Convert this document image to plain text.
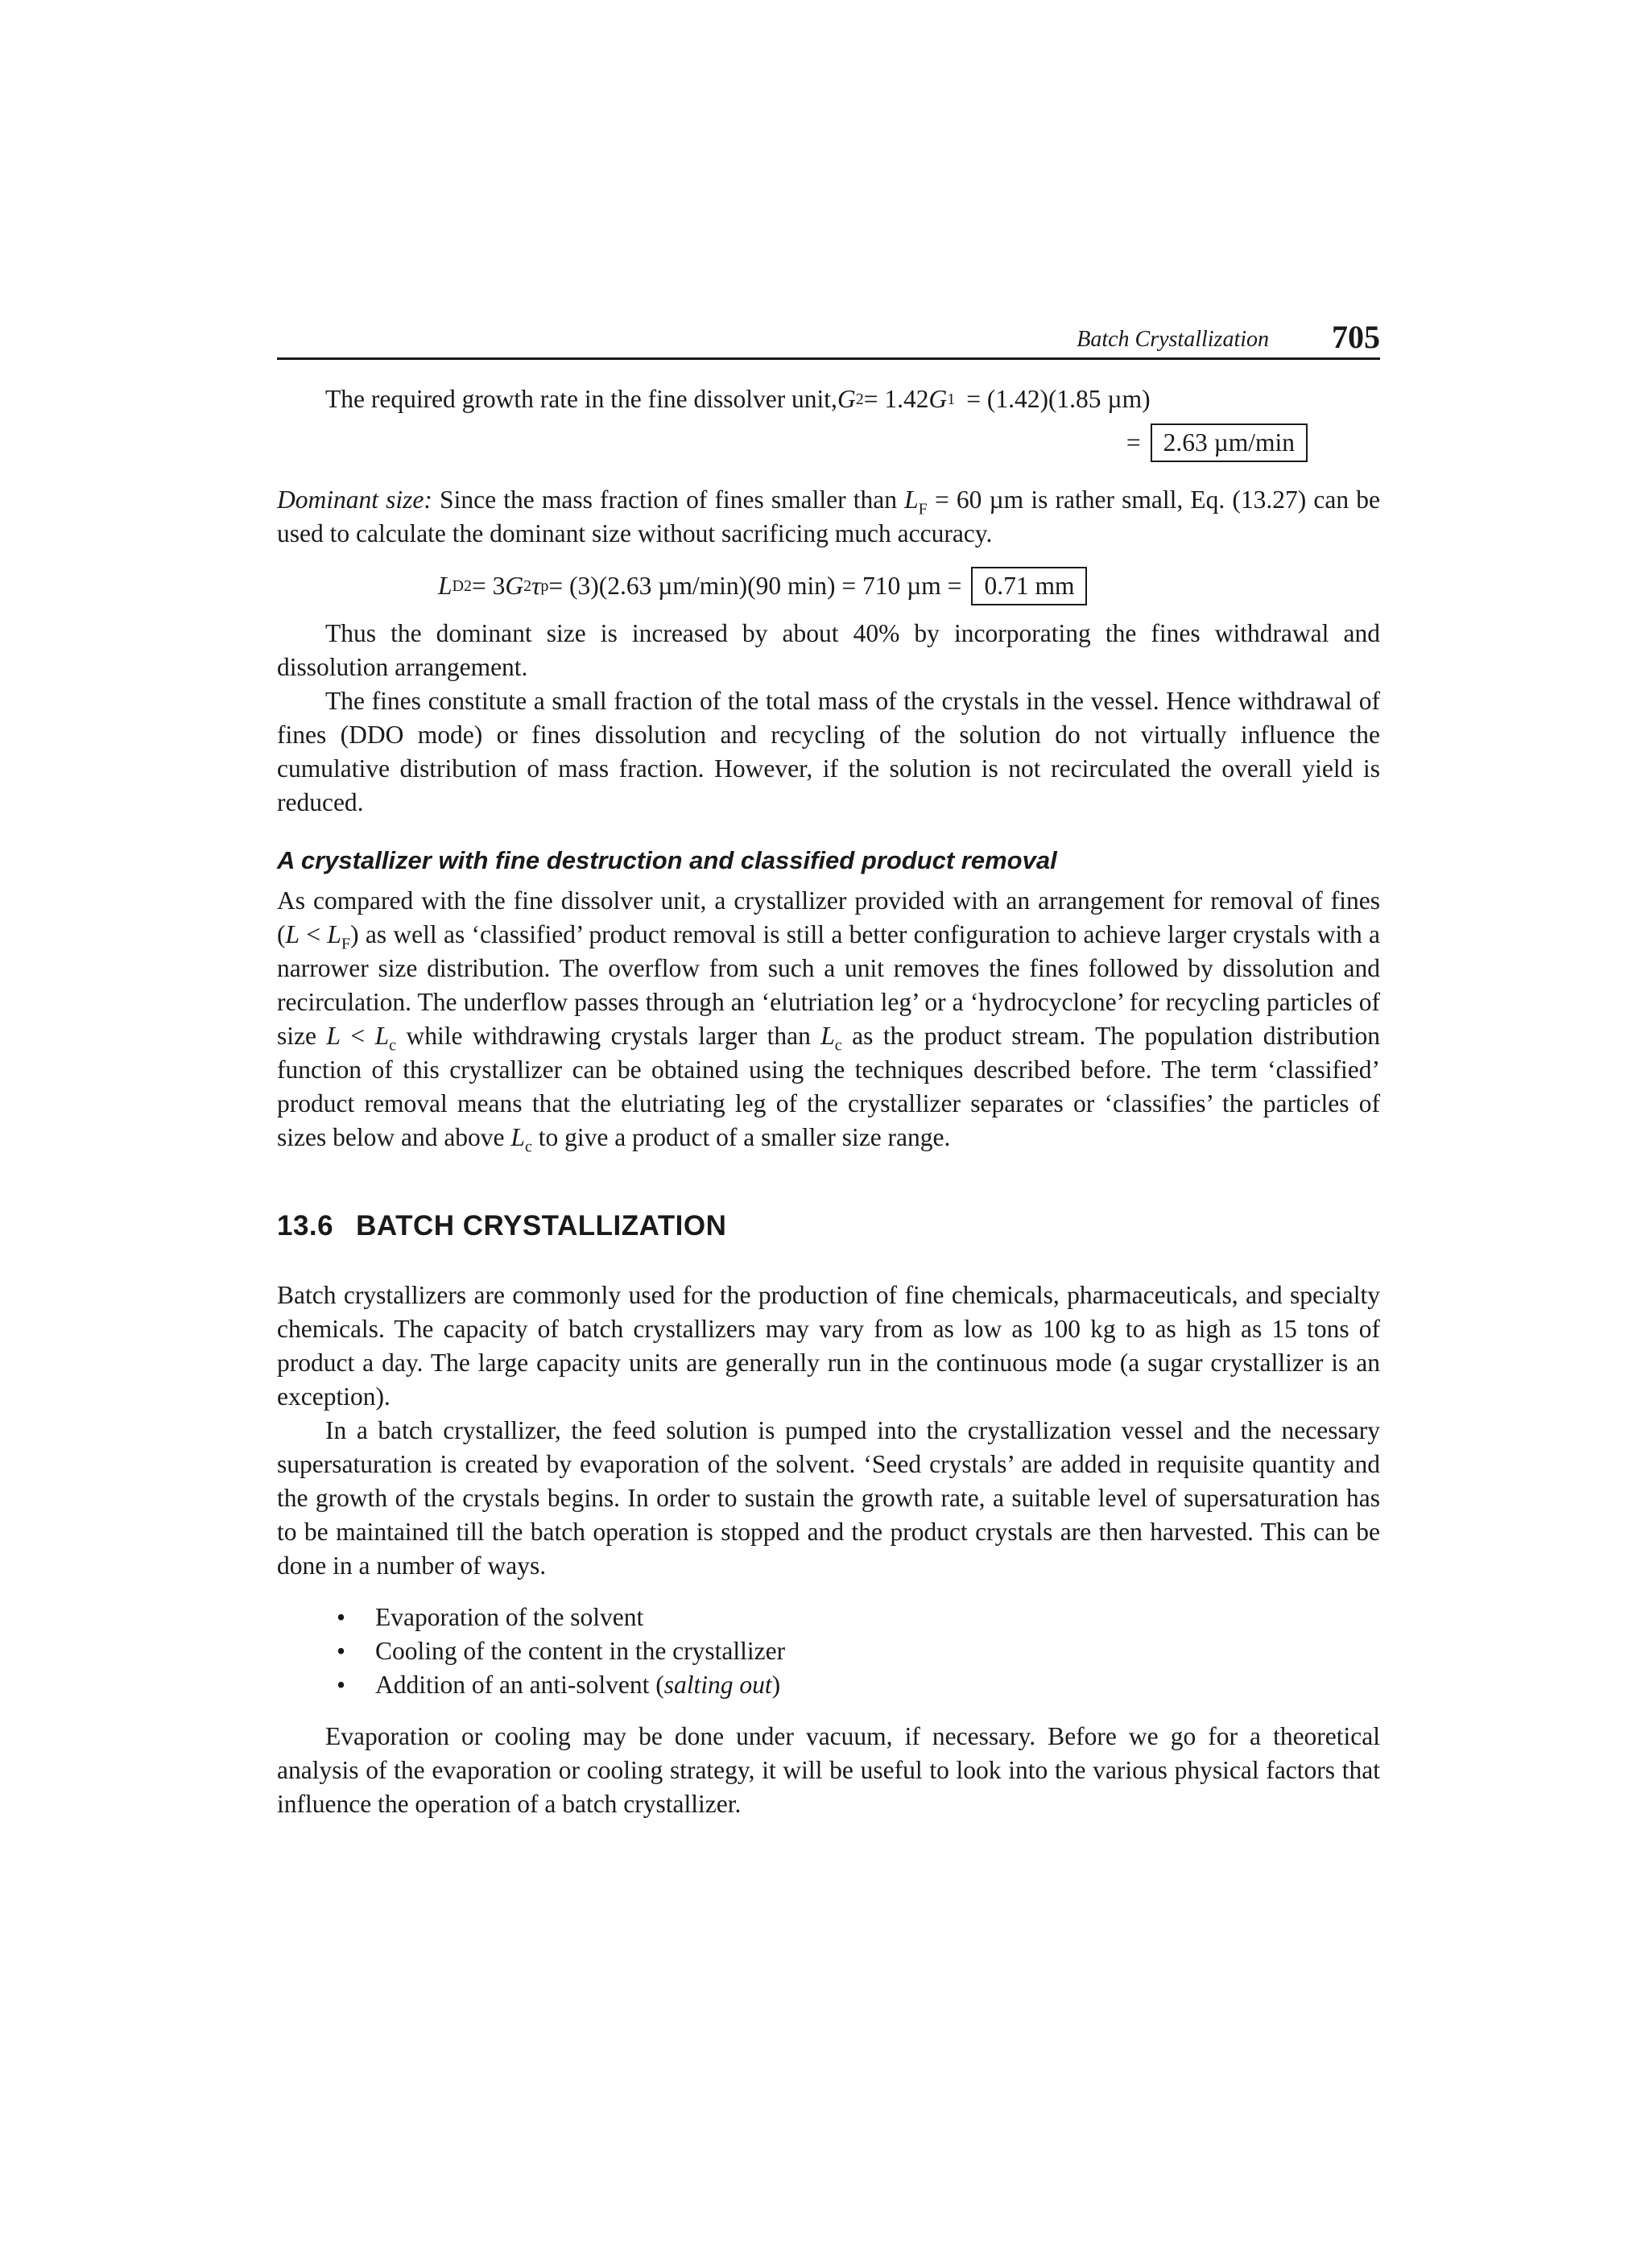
Batch Crystallization 705
The required growth rate in the fine dissolver unit, G 2 = 1.42 G 1 = (1.42)(1.85 µm)
= 2.63 µm/min

Dominant size: Since the mass fraction of fines smaller than $L_F = 60$ µm is rather small, Eq. (13.27) can be used to calculate the dominant size without sacrificing much accuracy.

L D2 = 3 G 2 τ p = (3)(2.63 µm/min)(90 min) = 710 µm = 0.71 mm

Thus the dominant size is increased by about 40% by incorporating the fines withdrawal and dissolution arrangement.

The fines constitute a small fraction of the total mass of the crystals in the vessel. Hence withdrawal of fines (DDO mode) or fines dissolution and recycling of the solution do not virtually influence the cumulative distribution of mass fraction. However, if the solution is not recirculated the overall yield is reduced.

A crystallizer with fine destruction and classified product removal

As compared with the fine dissolver unit, a crystallizer provided with an arrangement for removal of fines $(L < L_F)$ as well as ‘classified’ product removal is still a better configuration to achieve larger crystals with a narrower size distribution. The overflow from such a unit removes the fines followed by dissolution and recirculation. The underflow passes through an ‘elutriation leg’ or a ‘hydrocyclone’ for recycling particles of size $L < L_c$ while withdrawing crystals larger than $L_c$ as the product stream. The population distribution function of this crystallizer can be obtained using the techniques described before. The term ‘classified’ product removal means that the elutriating leg of the crystallizer separates or ‘classifies’ the particles of sizes below and above $L_c$ to give a product of a smaller size range.

13.6 BATCH CRYSTALLIZATION

Batch crystallizers are commonly used for the production of fine chemicals, pharmaceuticals, and specialty chemicals. The capacity of batch crystallizers may vary from as low as 100 kg to as high as 15 tons of product a day. The large capacity units are generally run in the continuous mode (a sugar crystallizer is an exception).

In a batch crystallizer, the feed solution is pumped into the crystallization vessel and the necessary supersaturation is created by evaporation of the solvent. ‘Seed crystals’ are added in requisite quantity and the growth of the crystals begins. In order to sustain the growth rate, a suitable level of supersaturation has to be maintained till the batch operation is stopped and the product crystals are then harvested. This can be done in a number of ways.

• Evaporation of the solvent
• Cooling of the content in the crystallizer
• Addition of an anti-solvent (salting out)

Evaporation or cooling may be done under vacuum, if necessary. Before we go for a theoretical analysis of the evaporation or cooling strategy, it will be useful to look into the various physical factors that influence the operation of a batch crystallizer.
